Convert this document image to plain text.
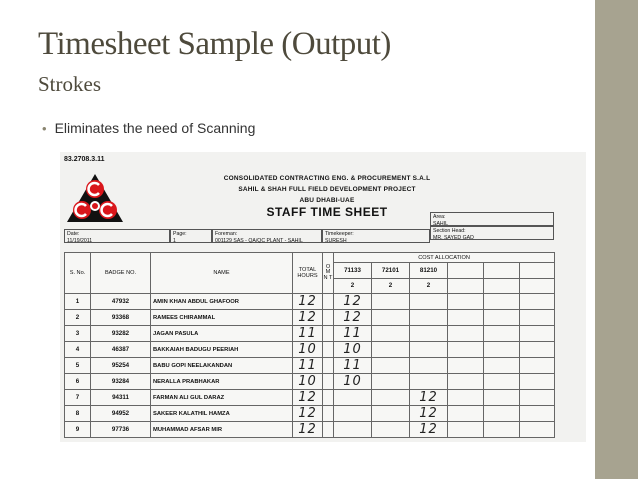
Timesheet Sample (Output)
Strokes
• Eliminates the need of Scanning
83.2708.3.11
CONSOLIDATED CONTRACTING ENG. & PROCUREMENT S.A.L
SAHIL & SHAH FULL FIELD DEVELOPMENT PROJECT
ABU DHABI-UAE
STAFF TIME SHEET	Area:
SAHIL
Section Head:
MR. SAYED GAD
Date:
11/19/2011
Page:
1
Foreman:
001129 SAS - QA/QC PLANT - SAHIL
Timekeeper:
SURESH
S. No.	BADGE NO.	NAME	TOTAL HOURS	O M N T	COST ALLOCATION					
					71133	72101	81210			
					2	2	2			
1	47932	AMIN KHAN ABDUL GHAFOOR	12		12					
2	93368	RAMEES CHIRAMMAL	12		12					
3	93282	JAGAN PASULA	11		11					
4	46387	BAKKAIAH BADUGU PEERIAH	10		10					
5	95254	BABU GOPI NEELAKANDAN	11		11					
6	93284	NERALLA PRABHAKAR	10		10					
7	94311	FARMAN ALI GUL DARAZ	12				12			
8	94952	SAKEER KALATHIL HAMZA	12				12			
9	97736	MUHAMMAD AFSAR MIR	12				12			
